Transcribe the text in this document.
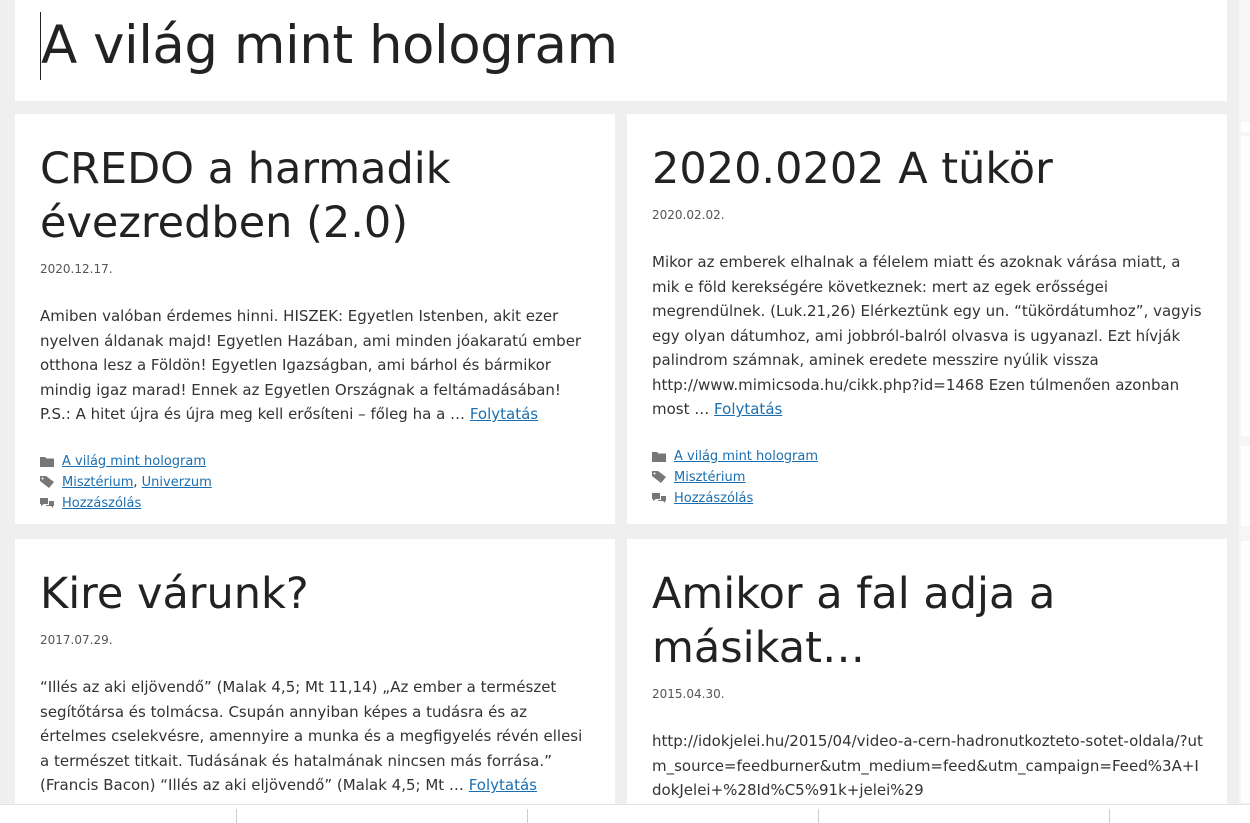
A világ mint hologram
CREDO a harmadik évezredben (2.0)
2020.12.17.
Amiben valóban érdemes hinni. HISZEK: Egyetlen Istenben, akit ezer nyelven áldanak majd! Egyetlen Hazában, ami minden jóakaratú ember otthona lesz a Földön! Egyetlen Igazságban, ami bárhol és bármikor mindig igaz marad! Ennek az Egyetlen Országnak a feltámadásában! P.S.: A hitet újra és újra meg kell erősíteni – főleg ha a … Folytatás
A világ mint hologram
Misztérium , Univerzum
Hozzászólás
2020.0202 A tükör
2020.02.02.
Mikor az emberek elhalnak a félelem miatt és azoknak várása miatt, a mik e föld kerekségére következnek: mert az egek erősségei megrendülnek. (Luk.21,26) Elérkeztünk egy un. “tükördátumhoz”, vagyis egy olyan dátumhoz, ami jobbról-balról olvasva is ugyanazl. Ezt hívják palindrom számnak, aminek eredete messzire nyúlik vissza http://www.mimicsoda.hu/cikk.php?id=1468 Ezen túlmenően azonban most … Folytatás
A világ mint hologram
Misztérium
Hozzászólás
Kire várunk?
2017.07.29.
“Illés az aki eljövendő” (Malak 4,5; Mt 11,14) „Az ember a természet segítőtársa és tolmácsa. Csupán annyiban képes a tudásra és az értelmes cselekvésre, amennyire a munka és a megfigyelés révén ellesi a természet titkait. Tudásának és hatalmának nincsen más forrása.” (Francis Bacon) “Illés az aki eljövendő” (Malak 4,5; Mt … Folytatás
Amikor a fal adja a másikat…
2015.04.30.
http://idokjelei.hu/2015/04/video-a-cern-hadronutkozteto-sotet-oldala/?utm_source=feedburner&utm_medium=feed&utm_campaign=Feed%3A+IdokJelei+%28Id%C5%91k+jelei%29
